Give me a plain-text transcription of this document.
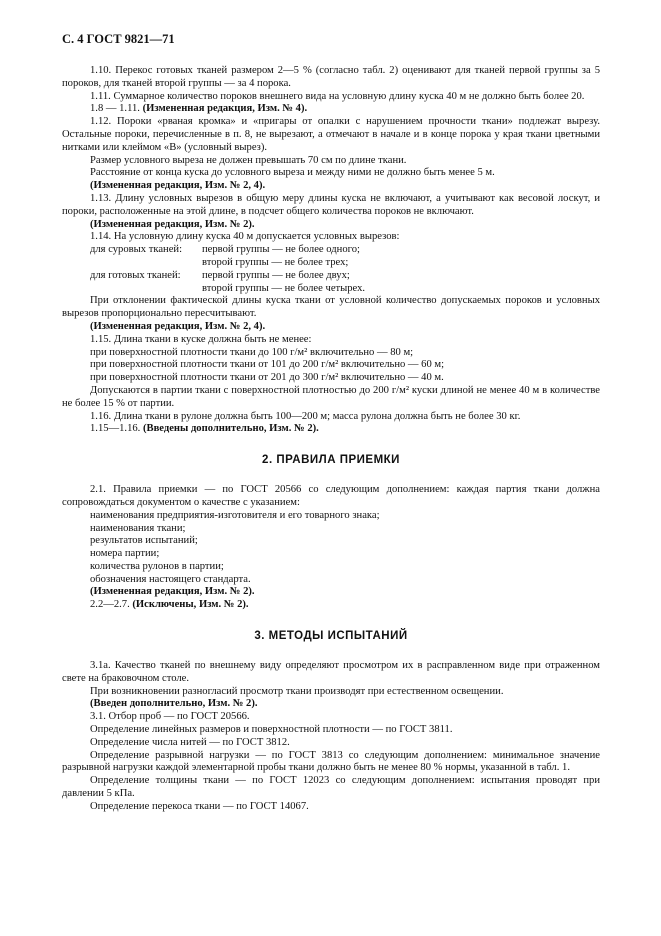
С. 4 ГОСТ 9821—71

1.10. Перекос готовых тканей размером 2—5 % (согласно табл. 2) оценивают для тканей первой группы за 5 пороков, для тканей второй группы — за 4 порока.

1.11. Суммарное количество пороков внешнего вида на условную длину куска 40 м не должно быть более 20.

1.8 — 1.11. (Измененная редакция, Изм. № 4).

1.12. Пороки «рваная кромка» и «пригары от опалки с нарушением прочности ткани» подлежат вырезу. Остальные пороки, перечисленные в п. 8, не вырезают, а отмечают в начале и в конце порока у края ткани цветными нитками или клеймом «В» (условный вырез).

Размер условного выреза не должен превышать 70 см по длине ткани.

Расстояние от конца куска до условного выреза и между ними не должно быть менее 5 м.

(Измененная редакция, Изм. № 2, 4).

1.13. Длину условных вырезов в общую меру длины куска не включают, а учитывают как весовой лоскут, и пороки, расположенные на этой длине, в подсчет общего количества пороков не включают.

(Измененная редакция, Изм. № 2).

1.14. На условную длину куска 40 м допускается условных вырезов:

для суровых тканей:	первой группы — не более одного;
второй группы — не более трех;
для готовых тканей:	первой группы — не более двух;
второй группы — не более четырех.

При отклонении фактической длины куска ткани от условной количество допускаемых пороков и условных вырезов пропорционально пересчитывают.

(Измененная редакция, Изм. № 2, 4).

1.15. Длина ткани в куске должна быть не менее:

при поверхностной плотности ткани до 100 г/м² включительно — 80 м;

при поверхностной плотности ткани от 101 до 200 г/м² включительно — 60 м;

при поверхностной плотности ткани от 201 до 300 г/м² включительно — 40 м.

Допускаются в партии ткани с поверхностной плотностью до 200 г/м² куски длиной не менее 40 м в количестве не более 15 % от партии.

1.16. Длина ткани в рулоне должна быть 100—200 м; масса рулона должна быть не более 30 кг.

1.15—1.16. (Введены дополнительно, Изм. № 2).

2. ПРАВИЛА ПРИЕМКИ

2.1. Правила приемки — по ГОСТ 20566 со следующим дополнением: каждая партия ткани должна сопровождаться документом о качестве с указанием:

наименования предприятия-изготовителя и его товарного знака;

наименования ткани;

результатов испытаний;

номера партии;

количества рулонов в партии;

обозначения настоящего стандарта.

(Измененная редакция, Изм. № 2).

2.2—2.7. (Исключены, Изм. № 2).

3. МЕТОДЫ ИСПЫТАНИЙ

3.1а. Качество тканей по внешнему виду определяют просмотром их в расправленном виде при отраженном свете на браковочном столе.

При возникновении разногласий просмотр ткани производят при естественном освещении.

(Введен дополнительно, Изм. № 2).

3.1. Отбор проб — по ГОСТ 20566.

Определение линейных размеров и поверхностной плотности — по ГОСТ 3811.

Определение числа нитей — по ГОСТ 3812.

Определение разрывной нагрузки — по ГОСТ 3813 со следующим дополнением: минимальное значение разрывной нагрузки каждой элементарной пробы ткани должно быть не менее 80 % нормы, указанной в табл. 1.

Определение толщины ткани — по ГОСТ 12023 со следующим дополнением: испытания проводят при давлении 5 кПа.

Определение перекоса ткани — по ГОСТ 14067.
